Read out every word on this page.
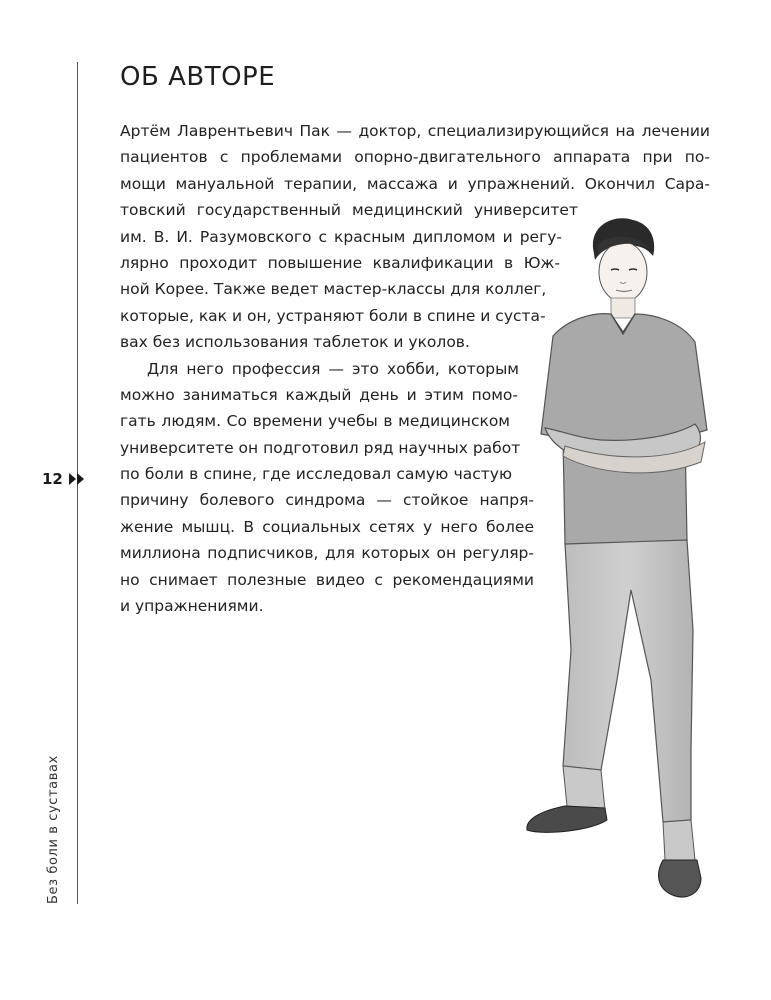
12
Без боли в суставах
ОБ АВТОРЕ
Артём Лаврентьевич Пак — доктор, специализирующийся на лечении
пациентов с проблемами опорно-двигательного аппарата при по-
мощи мануальной терапии, массажа и упражнений. Окончил Сара-
товский государственный медицинский университет
им. В. И. Разумовского с красным дипломом и регу-
лярно проходит повышение квалификации в Юж-
ной Корее. Также ведет мастер-классы для коллег,
которые, как и он, устраняют боли в спине и суста-
вах без использования таблеток и уколов.
Для него профессия — это хобби, которым
можно заниматься каждый день и этим помо-
гать людям. Со времени учебы в медицинском
университете он подготовил ряд научных работ
по боли в спине, где исследовал самую частую
причину болевого синдрома — стойкое напря-
жение мышц. В социальных сетях у него более
миллиона подписчиков, для которых он регуляр-
но снимает полезные видео с рекомендациями
и упражнениями.
